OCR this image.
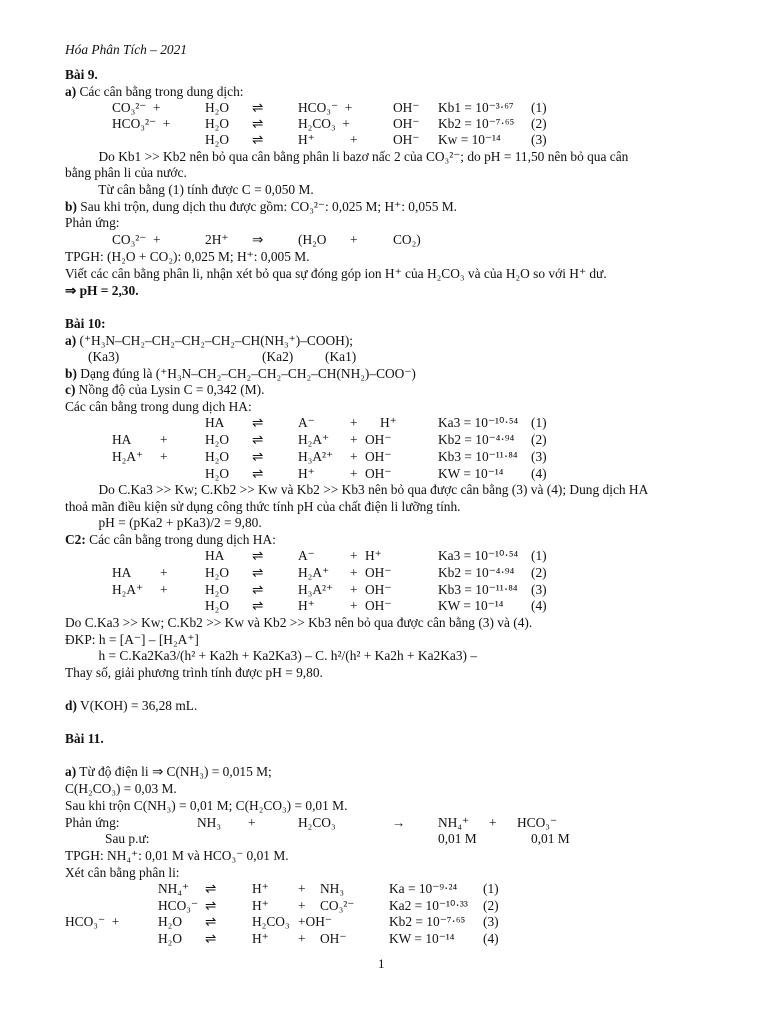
Hóa Phân Tích – 2021
Bài 9.
a) Các cân bằng trong dung dịch:
CO₃²⁻  +	H₂O ⇌	HCO₃⁻  +	OH⁻ Kb1 = 10⁻³·⁶⁷ (1)
HCO₃²⁻  +	H₂O ⇌	H₂CO₃  +	OH⁻ Kb2 = 10⁻⁷·⁶⁵ (2)
H₂O ⇌	H⁺	+	OH⁻ Kw = 10⁻¹⁴ (3)
Do Kb1 >> Kb2 nên bỏ qua cân bằng phân li bazơ nấc 2 của CO₃²⁻; do pH = 11,50 nên bỏ qua cân
bằng phân li của nước.
Từ cân bằng (1) tính được C = 0,050 M.
b) Sau khi trộn, dung dịch thu được gồm: CO₃²⁻: 0,025 M; H⁺: 0,055 M.
Phản ứng:
CO₃²⁻  +	2H⁺ ⇒	(H₂O +	CO₂)
TPGH: (H₂O + CO₂): 0,025 M; H⁺: 0,005 M.
Viết các cân bằng phân li, nhận xét bỏ qua sự đóng góp ion H⁺ của H₂CO₃ và của H₂O so với H⁺ dư.
⇒ pH = 2,30.
Bài 10:
a) (⁺H₃N–CH₂–CH₂–CH₂–CH₂–CH(NH₃⁺)–COOH);
(Ka3)	(Ka2) (Ka1)
b) Dạng đúng là (⁺H₃N–CH₂–CH₂–CH₂–CH₂–CH(NH₂)–COO⁻)
c) Nồng độ của Lysin C = 0,342 (M).
Các cân bằng trong dung dịch HA:
HA ⇌	A⁻	+ H⁺	Ka3 = 10⁻¹⁰·⁵⁴ (1)
HA +	H₂O ⇌	H₂A⁺ + OH⁻	Kb2 = 10⁻⁴·⁹⁴ (2)
H₂A⁺ +	H₂O ⇌	H₃A²⁺ + OH⁻	Kb3 = 10⁻¹¹·⁸⁴ (3)
H₂O ⇌	H⁺	+ OH⁻	KW = 10⁻¹⁴ (4)
Do C.Ka3 >> Kw; C.Kb2 >> Kw và Kb2 >> Kb3 nên bỏ qua được cân bằng (3) và (4); Dung dịch HA
thoả mãn điều kiện sử dụng công thức tính pH của chất điện li lưỡng tính.
pH = (pKa2 + pKa3)/2 = 9,80.
C2: Các cân bằng trong dung dịch HA:
HA ⇌	A⁻	+ H⁺	Ka3 = 10⁻¹⁰·⁵⁴ (1)
HA +	H₂O ⇌	H₂A⁺ + OH⁻	Kb2 = 10⁻⁴·⁹⁴ (2)
H₂A⁺ +	H₂O ⇌	H₃A²⁺ + OH⁻	Kb3 = 10⁻¹¹·⁸⁴ (3)
H₂O ⇌	H⁺	+ OH⁻	KW = 10⁻¹⁴ (4)
Do C.Ka3 >> Kw; C.Kb2 >> Kw và Kb2 >> Kb3 nên bỏ qua được cân bằng (3) và (4).
ĐKP: h = [A⁻] – [H₂A⁺]
h = C.Ka2Ka3/(h² + Ka2h + Ka2Ka3) – C. h²/(h² + Ka2h + Ka2Ka3) –
Thay số, giải phương trình tính được pH = 9,80.
d) V(KOH) = 36,28 mL.
Bài 11.
a) Từ độ điện li ⇒ C(NH₃) = 0,015 M;
C(H₂CO₃) = 0,03 M.
Sau khi trộn C(NH₃) = 0,01 M; C(H₂CO₃) = 0,01 M.
Phản ứng:	NH₃ +	H₂CO₃	→ NH₄⁺ + HCO₃⁻
Sau p.ư:	0,01 M	0,01 M
TPGH: NH₄⁺: 0,01 M và HCO₃⁻ 0,01 M.
Xét cân bằng phân li:
NH₄⁺ ⇌	H⁺ + NH₃	Ka = 10⁻⁹·²⁴ (1)
HCO₃⁻ ⇌	H⁺ + CO₃²⁻	Ka2 = 10⁻¹⁰·³³ (2)
HCO₃⁻  +	H₂O ⇌	H₂CO₃ +OH⁻	Kb2 = 10⁻⁷·⁶⁵ (3)
H₂O ⇌	H⁺ + OH⁻	KW = 10⁻¹⁴ (4)
1
